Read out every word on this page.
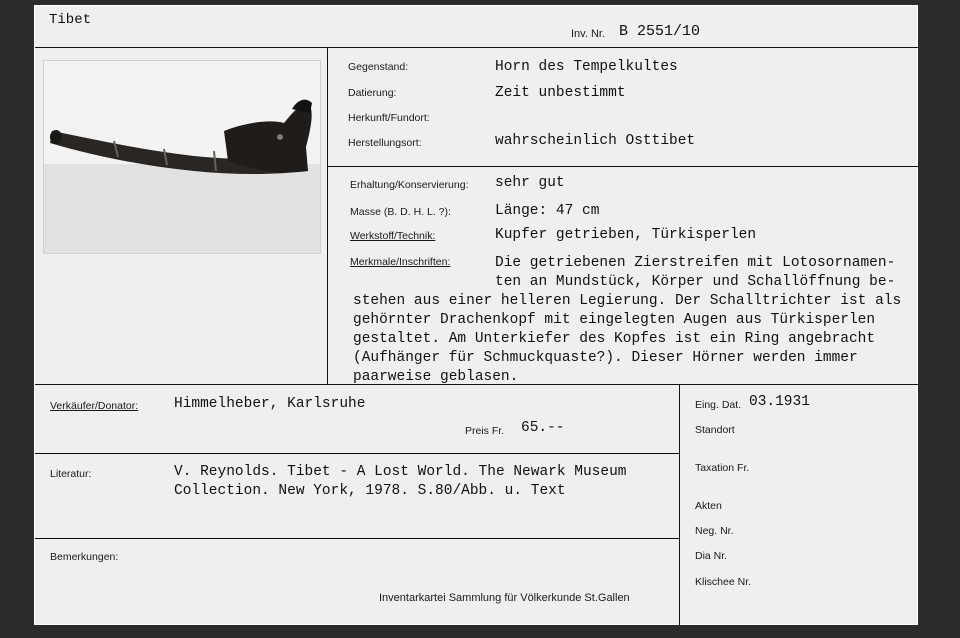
Tibet
Inv. Nr. B 2551/10
Gegenstand:	Horn des Tempelkultes
Datierung:	Zeit unbestimmt
Herkunft/Fundort:
Herstellungsort:	wahrscheinlich Osttibet
Erhaltung/Konservierung: sehr gut
Masse (B. D. H. L. ?):	Länge: 47 cm
Werkstoff/Technik:	Kupfer getrieben, Türkisperlen
Merkmale/Inschriften:	Die getriebenen Zierstreifen mit Lotosornamen-
ten an Mundstück, Körper und Schallöffnung be-
stehen aus einer helleren Legierung. Der Schalltrichter ist als
gehörnter Drachenkopf mit eingelegten Augen aus Türkisperlen
gestaltet. Am Unterkiefer des Kopfes ist ein Ring angebracht
(Aufhänger für Schmuckquaste?). Dieser Hörner werden immer
paarweise geblasen.
Verkäufer/Donator: Himmelheber, Karlsruhe
Preis Fr. 65.--
Literatur:	V. Reynolds. Tibet - A Lost World. The Newark Museum
Collection. New York, 1978. S.80/Abb. u. Text
Bemerkungen:
Inventarkartei Sammlung für Völkerkunde St.Gallen
Eing. Dat. 03.1931
Standort
Taxation Fr.
Akten
Neg. Nr.
Dia Nr.
Klischee Nr.
